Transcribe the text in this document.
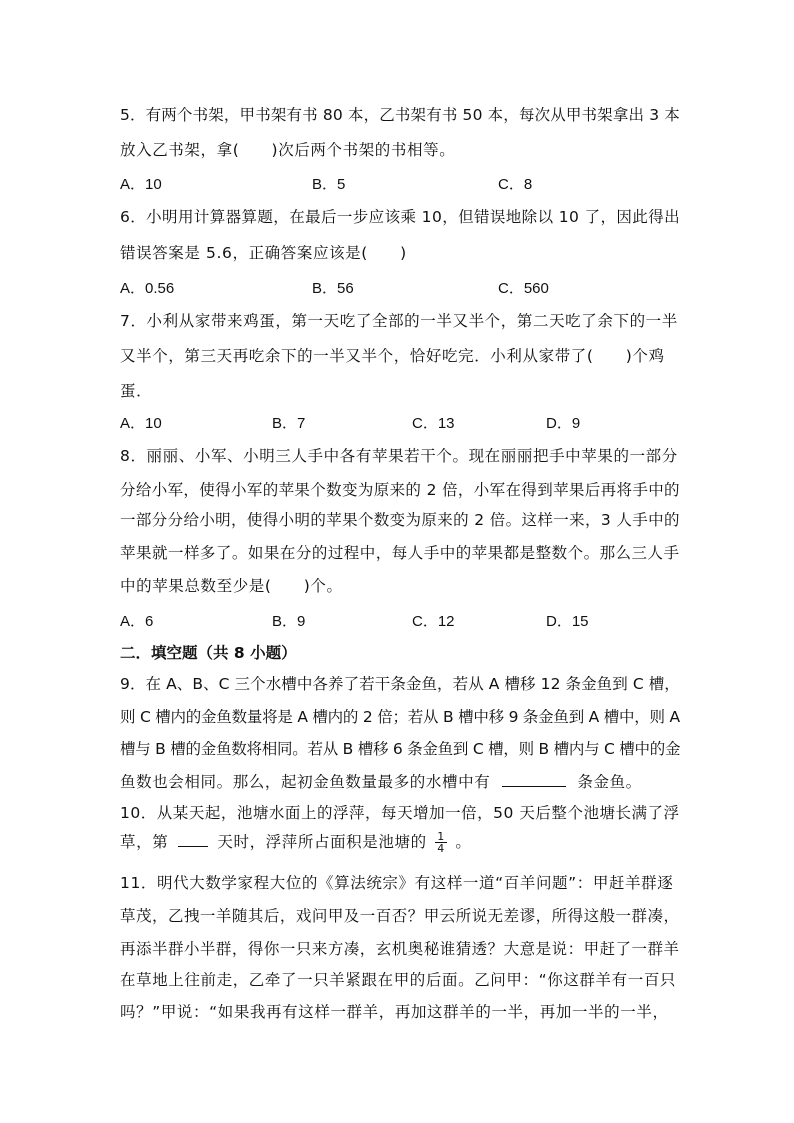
5．有两个书架，甲书架有书 80 本，乙书架有书 50 本，每次从甲书架拿出 3 本
放入乙书架，拿(　　)次后两个书架的书相等。
A．10	B．5	C．8
6．小明用计算器算题，在最后一步应该乘 10，但错误地除以 10 了，因此得出
错误答案是 5.6，正确答案应该是(　　)
A．0.56	B．56	C．560
7．小利从家带来鸡蛋，第一天吃了全部的一半又半个，第二天吃了余下的一半
又半个，第三天再吃余下的一半又半个，恰好吃完．小利从家带了(　　)个鸡
蛋．
A．10	B．7	C．13	D．9
8．丽丽、小军、小明三人手中各有苹果若干个。现在丽丽把手中苹果的一部分
分给小军，使得小军的苹果个数变为原来的 2 倍，小军在得到苹果后再将手中的
一部分分给小明，使得小明的苹果个数变为原来的 2 倍。这样一来，3 人手中的
苹果就一样多了。如果在分的过程中，每人手中的苹果都是整数个。那么三人手
中的苹果总数至少是(　　)个。
A．6	B．9	C．12	D．15
二．填空题（共 8 小题）
9．在 A、B、C 三个水槽中各养了若干条金鱼，若从 A 槽移 12 条金鱼到 C 槽，
则 C 槽内的金鱼数量将是 A 槽内的 2 倍；若从 B 槽中移 9 条金鱼到 A 槽中，则 A
槽与 B 槽的金鱼数将相同。若从 B 槽移 6 条金鱼到 C 槽，则 B 槽内与 C 槽中的金
鱼数也会相同。那么，起初金鱼数量最多的水槽中有	条金鱼。
10．从某天起，池塘水面上的浮萍，每天增加一倍，50 天后整个池塘长满了浮
草，第	天时，浮萍所占面积是池塘的 $\frac{1}{4}$ 。
11．明代大数学家程大位的《算法统宗》有这样一道“百羊问题”：甲赶羊群逐
草茂，乙拽一羊随其后，戏问甲及一百否？甲云所说无差谬，所得这般一群凑，
再添半群小半群，得你一只来方凑，玄机奥秘谁猜透？大意是说：甲赶了一群羊
在草地上往前走，乙牵了一只羊紧跟在甲的后面。乙问甲：“你这群羊有一百只
吗？”甲说：“如果我再有这样一群羊，再加这群羊的一半，再加一半的一半，
